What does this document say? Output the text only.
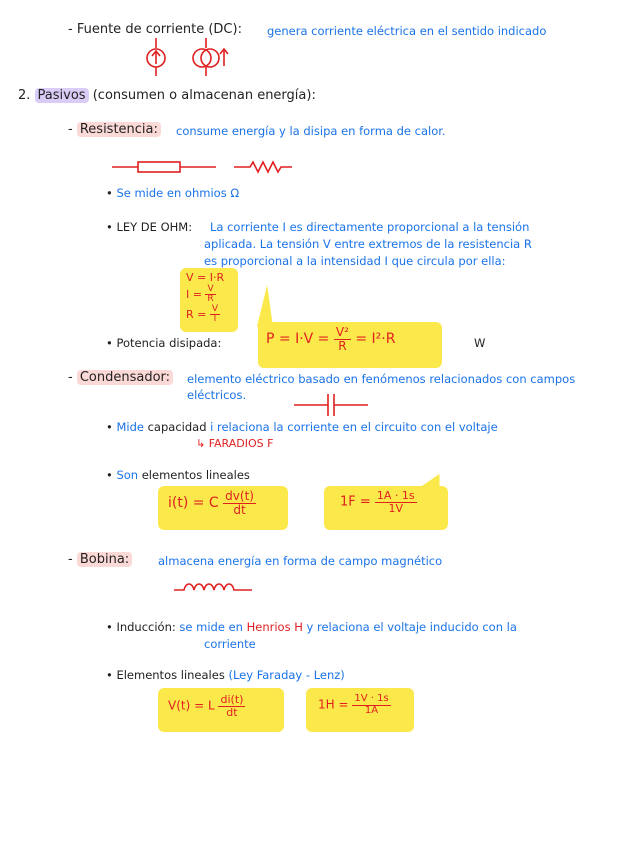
- Fuente de corriente (DC): genera corriente eléctrica en el sentido indicado
2. Pasivos (consumen o almacenan energía):
- Resistencia: consume energía y la disipa en forma de calor.
• Se mide en ohmios Ω
• LEY DE OHM: La corriente I es directamente proporcional a la tensión
aplicada. La tensión V entre extremos de la resistencia R
es proporcional a la intensidad I que circula por ella:
V = I·R
$I = \frac{V}{R}$
$R = \frac{V}{I}$
• Potencia disipada:	$P = I\cdot V = \frac{\text{V²}}{R} = I^2\cdot R$	W
- Condensador: elemento eléctrico basado en fenómenos relacionados con campos
eléctricos.
• Mide capacidad i relaciona la corriente en el circuito con el voltaje
↳ FARADIOS F
• Son elementos lineales
i(t) = C $\frac{dv(t)}{dt}$	$1F = \frac{1A \cdot 1s}{1V}$
- Bobina:	almacena energía en forma de campo magnético
• Inducción: se mide en Henrios H y relaciona el voltaje inducido con la
corriente
• Elementos lineales (Ley Faraday - Lenz)
V(t) = L $\frac{di(t)}{dt}$	$1H = \frac{1V \cdot 1s}{1A}$
